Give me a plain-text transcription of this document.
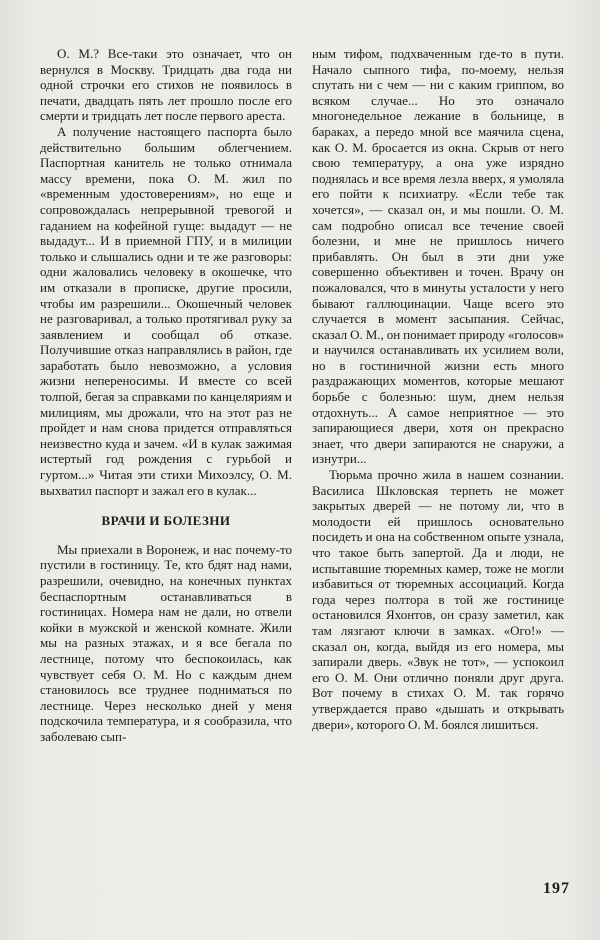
О. М.? Все-таки это означает, что он вернулся в Москву. Тридцать два года ни одной строчки его стихов не появилось в печати, двадцать пять лет прошло после его смерти и тридцать лет после первого ареста.

А получение настоящего паспорта было действительно большим облегчением. Паспортная канитель не только отнимала массу времени, пока О. М. жил по «временным удостоверениям», но еще и сопровождалась непрерывной тревогой и гаданием на кофейной гуще: выдадут — не выдадут... И в приемной ГПУ, и в милиции только и слышались одни и те же разговоры: одни жаловались человеку в окошечке, что им отказали в прописке, другие просили, чтобы им разрешили... Окошечный человек не разговаривал, а только протягивал руку за заявлением и сообщал об отказе. Получившие отказ направлялись в район, где заработать было невозможно, а условия жизни непереносимы. И вместе со всей толпой, бегая за справками по канцеляриям и милициям, мы дрожали, что на этот раз не пройдет и нам снова придется отправляться неизвестно куда и зачем. «И в кулак зажимая истертый год рождения с гурьбой и гуртом...» Читая эти стихи Михоэлсу, О. М. выхватил паспорт и зажал его в кулак...

ВРАЧИ И БОЛЕЗНИ

Мы приехали в Воронеж, и нас почему-то пустили в гостиницу. Те, кто бдят над нами, разрешили, очевидно, на конечных пунктах беспаспортным останавливаться в гостиницах. Номера нам не дали, но отвели койки в мужской и женской комнате. Жили мы на разных этажах, и я все бегала по лестнице, потому что беспокоилась, как чувствует себя О. М. Но с каждым днем становилось все труднее подниматься по лестнице. Через несколько дней у меня подскочила температура, и я сообразила, что заболеваю сып-

ным тифом, подхваченным где-то в пути. Начало сыпного тифа, по-моему, нельзя спутать ни с чем — ни с каким гриппом, во всяком случае... Но это означало многонедельное лежание в больнице, в бараках, а передо мной все маячила сцена, как О. М. бросается из окна. Скрыв от него свою температуру, а она уже изрядно поднялась и все время лезла вверх, я умоляла его пойти к психиатру. «Если тебе так хочется», — сказал он, и мы пошли. О. М. сам подробно описал все течение своей болезни, и мне не пришлось ничего прибавлять. Он был в эти дни уже совершенно объективен и точен. Врачу он пожаловался, что в минуты усталости у него бывают галлюцинации. Чаще всего это случается в момент засыпания. Сейчас, сказал О. М., он понимает природу «голосов» и научился останавливать их усилием воли, но в гостиничной жизни есть много раздражающих моментов, которые мешают борьбе с болезнью: шум, днем нельзя отдохнуть... А самое неприятное — это запирающиеся двери, хотя он прекрасно знает, что двери запираются не снаружи, а изнутри...

Тюрьма прочно жила в нашем сознании. Василиса Шкловская терпеть не может закрытых дверей — не потому ли, что в молодости ей пришлось основательно посидеть и она на собственном опыте узнала, что такое быть запертой. Да и люди, не испытавшие тюремных камер, тоже не могли избавиться от тюремных ассоциаций. Когда года через полтора в той же гостинице остановился Яхонтов, он сразу заметил, как там лязгают ключи в замках. «Ого!» — сказал он, когда, выйдя из его номера, мы запирали дверь. «Звук не тот», — успокоил его О. М. Они отлично поняли друг друга. Вот почему в стихах О. М. так горячо утверждается право «дышать и открывать двери», которого О. М. боялся лишиться.

197
